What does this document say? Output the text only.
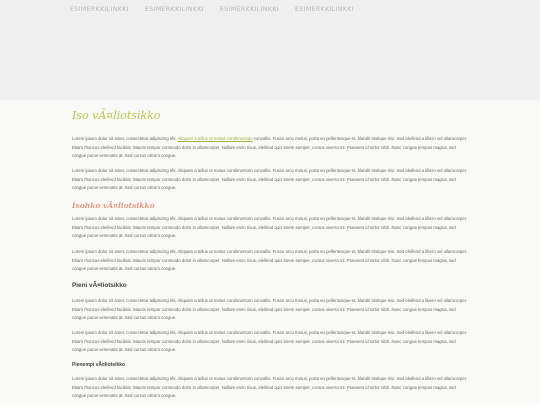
ESIMERKKILINKKI	ESIMERKKILINKKI	ESIMERKKILINKKI	ESIMERKKILINKKI
Iso vÃ¤liotsikko

Lorem ipsum dolor sit amet, consectetur adipiscing elit. Aliquam a tellus ut metus condimentum convallis. Fusce arcu metus, porta eu pellentesque et, blandit tristique nisi. Sed eleifend a libero vel ullamcorper. Etiam rhoncus eleifend facilisis. Mauris tempor commodo dolor in ullamcorper. Nullam enim risus, eleifend quis lorem semper, cursus viverra mi. Praesent id tortor nibh. Nunc congue tempus magna, sed congue purus venenatis at. Sed cursus rutrum congue.

Lorem ipsum dolor sit amet, consectetur adipiscing elit. Aliquam a tellus ut metus condimentum convallis. Fusce arcu metus, porta eu pellentesque et, blandit tristique nisi. Sed eleifend a libero vel ullamcorper. Etiam rhoncus eleifend facilisis. Mauris tempor commodo dolor in ullamcorper. Nullam enim risus, eleifend quis lorem semper, cursus viverra mi. Praesent id tortor nibh. Nunc congue tempus magna, sed congue purus venenatis at. Sed cursus rutrum congue.

Isohko vÃ¤liotsikko

Lorem ipsum dolor sit amet, consectetur adipiscing elit. Aliquam a tellus ut metus condimentum convallis. Fusce arcu metus, porta eu pellentesque et, blandit tristique nisi. Sed eleifend a libero vel ullamcorper. Etiam rhoncus eleifend facilisis. Mauris tempor commodo dolor in ullamcorper. Nullam enim risus, eleifend quis lorem semper, cursus viverra mi. Praesent id tortor nibh. Nunc congue tempus magna, sed congue purus venenatis at. Sed cursus rutrum congue.

Lorem ipsum dolor sit amet, consectetur adipiscing elit. Aliquam a tellus ut metus condimentum convallis. Fusce arcu metus, porta eu pellentesque et, blandit tristique nisi. Sed eleifend a libero vel ullamcorper. Etiam rhoncus eleifend facilisis. Mauris tempor commodo dolor in ullamcorper. Nullam enim risus, eleifend quis lorem semper, cursus viverra mi. Praesent id tortor nibh. Nunc congue tempus magna, sed congue purus venenatis at. Sed cursus rutrum congue.

Pieni vÃ¤liotsikko

Lorem ipsum dolor sit amet, consectetur adipiscing elit. Aliquam a tellus ut metus condimentum convallis. Fusce arcu metus, porta eu pellentesque et, blandit tristique nisi. Sed eleifend a libero vel ullamcorper. Etiam rhoncus eleifend facilisis. Mauris tempor commodo dolor in ullamcorper. Nullam enim risus, eleifend quis lorem semper, cursus viverra mi. Praesent id tortor nibh. Nunc congue tempus magna, sed congue purus venenatis at. Sed cursus rutrum congue.

Lorem ipsum dolor sit amet, consectetur adipiscing elit. Aliquam a tellus ut metus condimentum convallis. Fusce arcu metus, porta eu pellentesque et, blandit tristique nisi. Sed eleifend a libero vel ullamcorper. Etiam rhoncus eleifend facilisis. Mauris tempor commodo dolor in ullamcorper. Nullam enim risus, eleifend quis lorem semper, cursus viverra mi. Praesent id tortor nibh. Nunc congue tempus magna, sed congue purus venenatis at. Sed cursus rutrum congue.

Pienempi vÃ¤liotsikko

Lorem ipsum dolor sit amet, consectetur adipiscing elit. Aliquam a tellus ut metus condimentum convallis. Fusce arcu metus, porta eu pellentesque et, blandit tristique nisi. Sed eleifend a libero vel ullamcorper. Etiam rhoncus eleifend facilisis. Mauris tempor commodo dolor in ullamcorper. Nullam enim risus, eleifend quis lorem semper, cursus viverra mi. Praesent id tortor nibh. Nunc congue tempus magna, sed congue purus venenatis at. Sed cursus rutrum congue.
